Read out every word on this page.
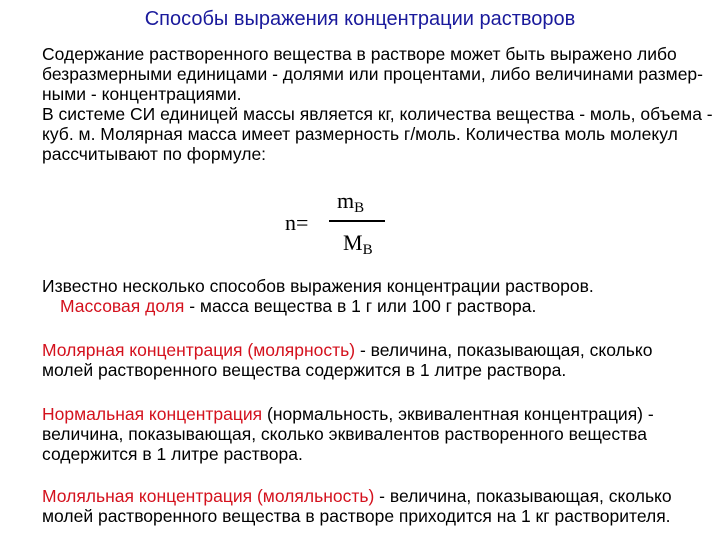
Способы выражения концентрации растворов
Содержание растворенного вещества в растворе может быть выражено либо
безразмерными единицами - долями или процентами, либо величинами размер-
ными - концентрациями.
В системе СИ единицей массы является кг, количества вещества - моль, объема -
куб. м. Молярная масса имеет размерность г/моль. Количества моль молекул
рассчитывают по формуле:
n=
mB
MB
Известно несколько способов выражения концентрации растворов.
Массовая доля - масса вещества в 1 г или 100 г раствора.
Молярная концентрация (молярность) - величина, показывающая, сколько
молей растворенного вещества содержится в 1 литре раствора.
Нормальная концентрация (нормальность, эквивалентная концентрация) -
величина, показывающая, сколько эквивалентов растворенного вещества
содержится в 1 литре раствора.
Моляльная концентрация (моляльность) - величина, показывающая, сколько
молей растворенного вещества в растворе приходится на 1 кг растворителя.
